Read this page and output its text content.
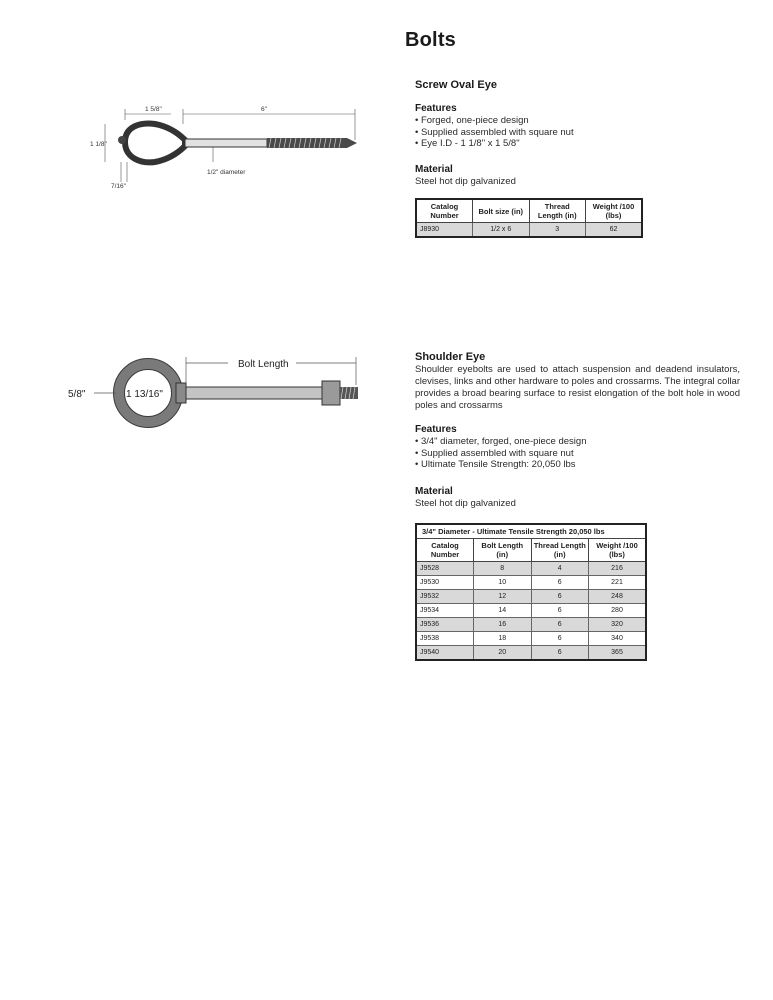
Bolts
1 5/8"	6"
1 1/8"
1/2" diameter
7/16"
Screw Oval Eye
Features
• Forged, one-piece design
• Supplied assembled with square nut
• Eye I.D - 1 1/8" x 1 5/8"
Material
Steel hot dip galvanized
Catalog Number	Bolt size (in)	Thread Length (in)	Weight /100 (lbs)
J8930	1/2 x 6	3	62
Bolt Length
5/8"	1 13/16"
Shoulder Eye
Shoulder eyebolts are used to attach suspension and deadend insulators, clevises, links and other hardware to poles and crossarms. The integral collar provides a broad bearing surface to resist elongation of the bolt hole in wood poles and crossarms
Features
• 3/4" diameter, forged, one-piece design
• Supplied assembled with square nut
• Ultimate Tensile Strength: 20,050 lbs
Material
Steel hot dip galvanized
3/4" Diameter - Ultimate Tensile Strength 20,050 lbs			
Catalog Number	Bolt Length (in)	Thread Length (in)	Weight /100 (lbs)
J9528	8	4	216
J9530	10	6	221
J9532	12	6	248
J9534	14	6	280
J9536	16	6	320
J9538	18	6	340
J9540	20	6	365
